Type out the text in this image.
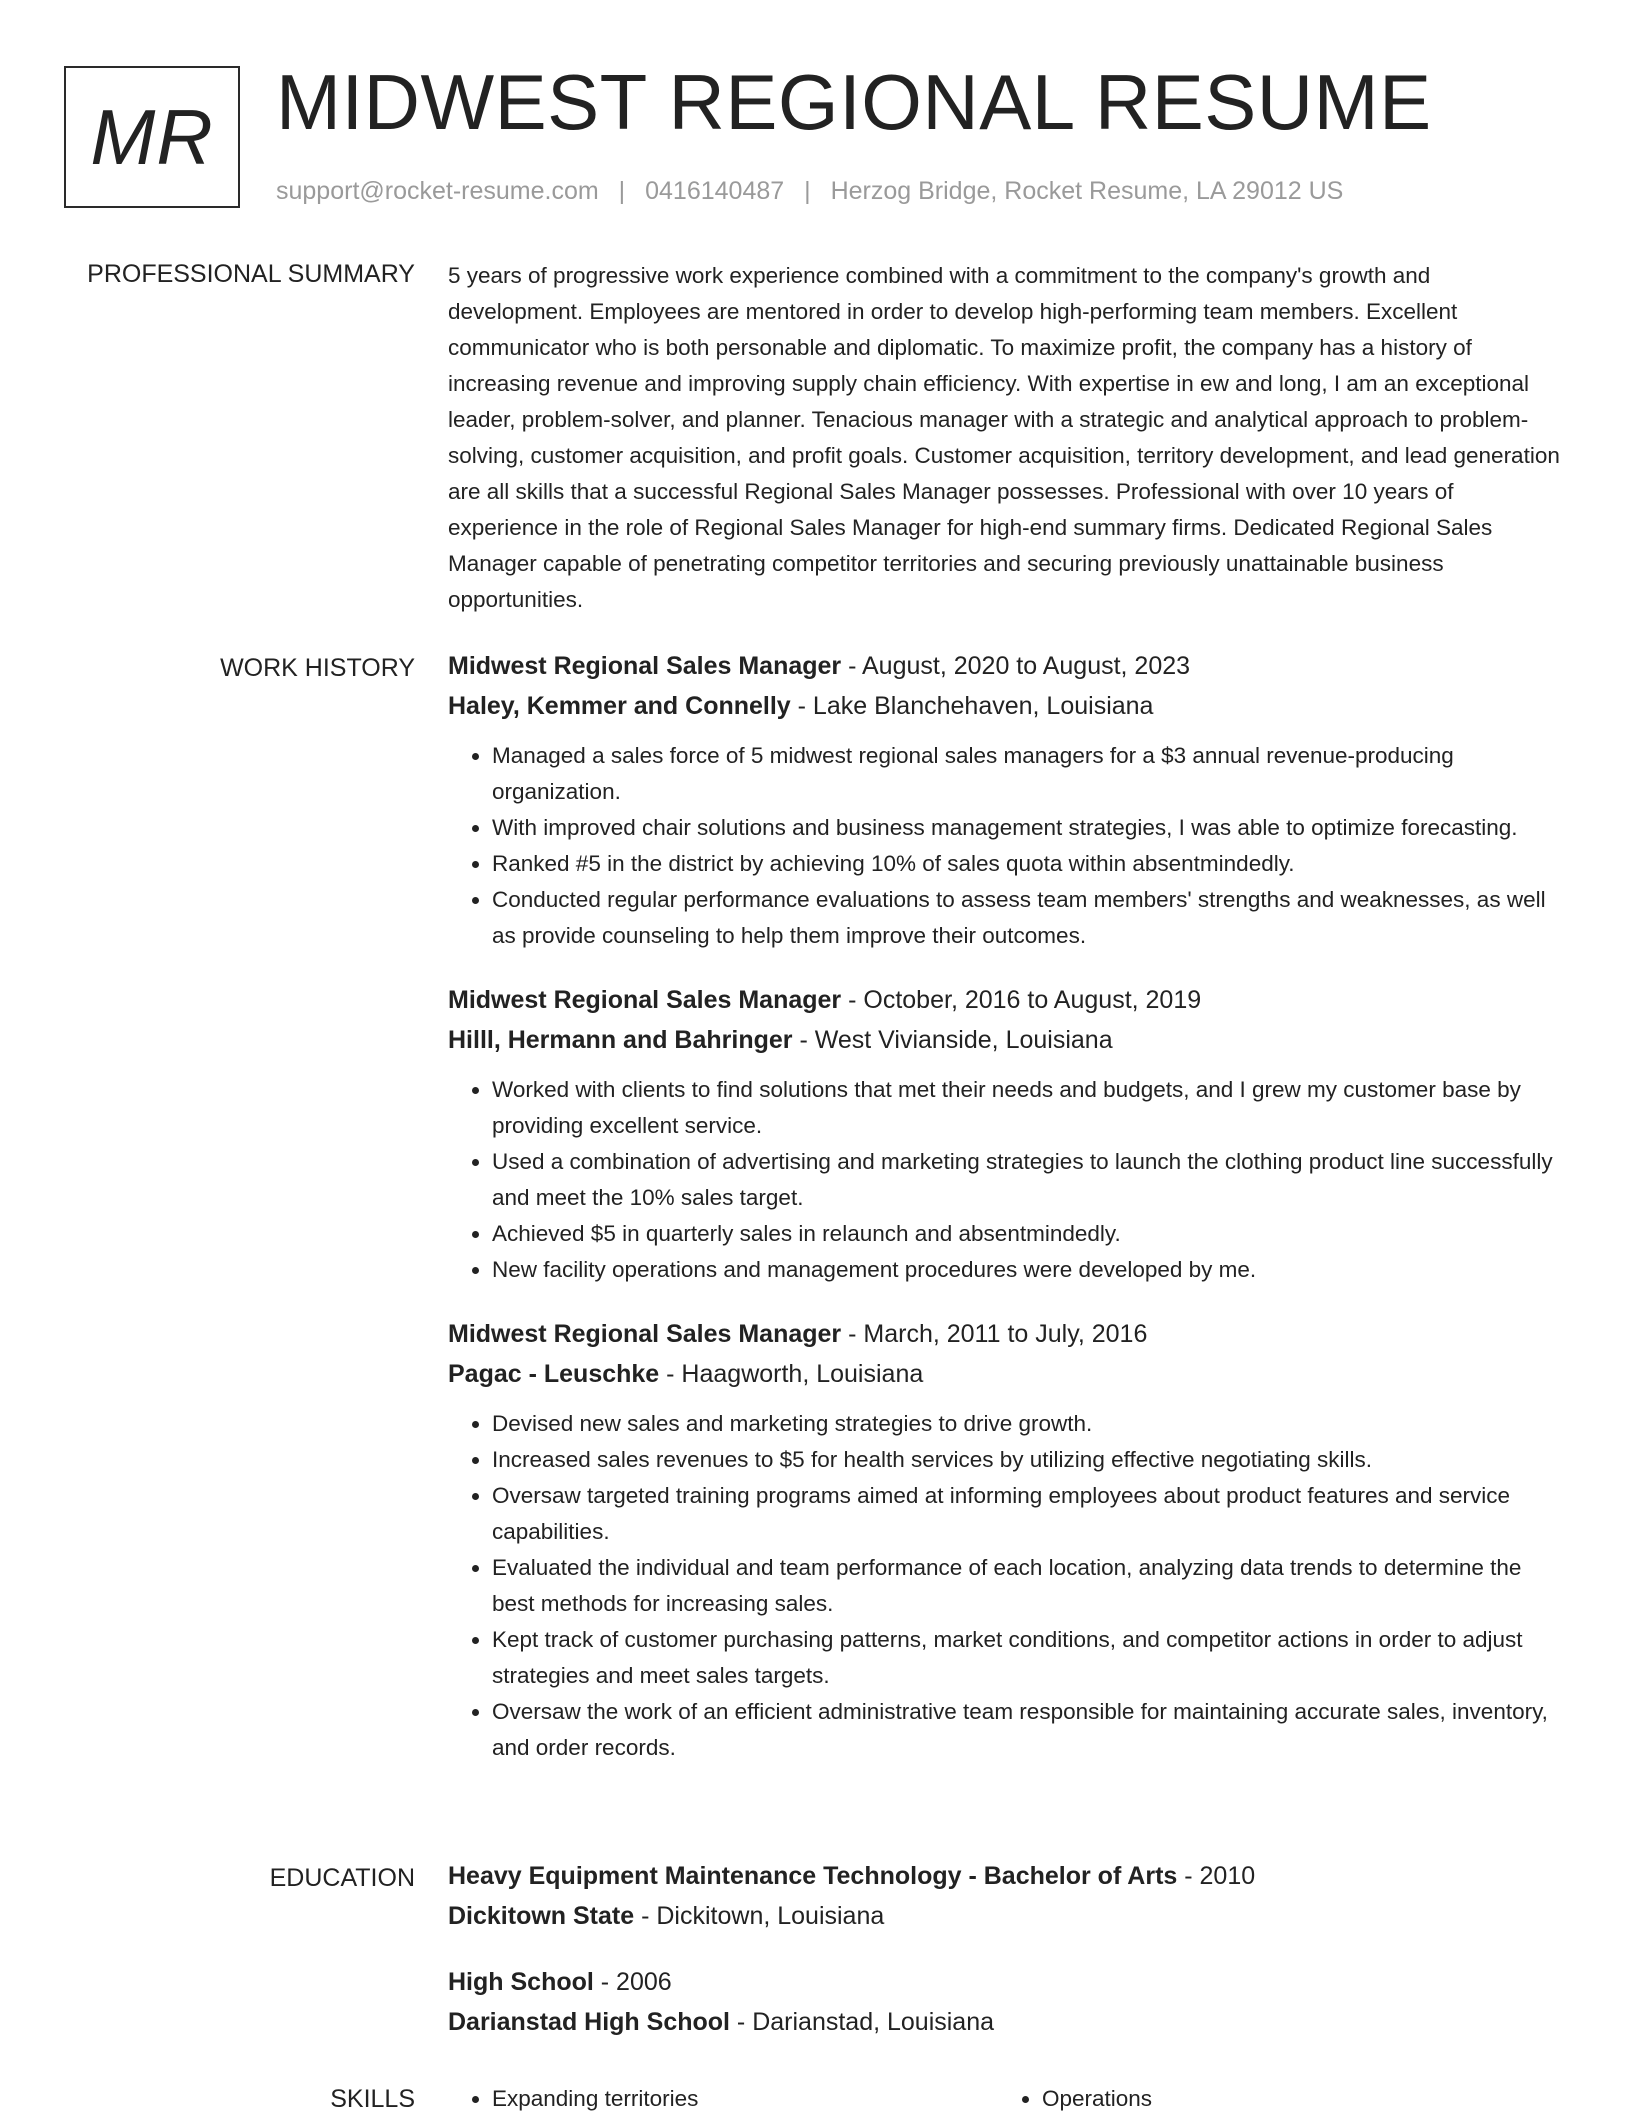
MR MIDWEST REGIONAL RESUME
support@rocket-resume.com | 0416140487 | Herzog Bridge, Rocket Resume, LA 29012 US
PROFESSIONAL SUMMARY 5 years of progressive work experience combined with a commitment to the company's growth and development. Employees are mentored in order to develop high-performing team members. Excellent communicator who is both personable and diplomatic. To maximize profit, the company has a history of increasing revenue and improving supply chain efficiency. With expertise in ew and long, I am an exceptional leader, problem-solver, and planner. Tenacious manager with a strategic and analytical approach to problem-solving, customer acquisition, and profit goals. Customer acquisition, territory development, and lead generation are all skills that a successful Regional Sales Manager possesses. Professional with over 10 years of experience in the role of Regional Sales Manager for high-end summary firms. Dedicated Regional Sales Manager capable of penetrating competitor territories and securing previously unattainable business opportunities.

WORK HISTORY Midwest Regional Sales Manager - August, 2020 to August, 2023
Haley, Kemmer and Connelly - Lake Blanchehaven, Louisiana
• Managed a sales force of 5 midwest regional sales managers for a $3 annual revenue-producing organization.
• With improved chair solutions and business management strategies, I was able to optimize forecasting.
• Ranked #5 in the district by achieving 10% of sales quota within absentmindedly.
• Conducted regular performance evaluations to assess team members' strengths and weaknesses, as well as provide counseling to help them improve their outcomes.
Midwest Regional Sales Manager - October, 2016 to August, 2019
Hilll, Hermann and Bahringer - West Vivianside, Louisiana
• Worked with clients to find solutions that met their needs and budgets, and I grew my customer base by providing excellent service.
• Used a combination of advertising and marketing strategies to launch the clothing product line successfully and meet the 10% sales target.
• Achieved $5 in quarterly sales in relaunch and absentmindedly.
• New facility operations and management procedures were developed by me.
Midwest Regional Sales Manager - March, 2011 to July, 2016
Pagac - Leuschke - Haagworth, Louisiana
• Devised new sales and marketing strategies to drive growth.
• Increased sales revenues to $5 for health services by utilizing effective negotiating skills.
• Oversaw targeted training programs aimed at informing employees about product features and service capabilities.
• Evaluated the individual and team performance of each location, analyzing data trends to determine the best methods for increasing sales.
• Kept track of customer purchasing patterns, market conditions, and competitor actions in order to adjust strategies and meet sales targets.
• Oversaw the work of an efficient administrative team responsible for maintaining accurate sales, inventory, and order records.
EDUCATION Heavy Equipment Maintenance Technology - Bachelor of Arts - 2010
Dickitown State - Dickitown, Louisiana
High School - 2006
Darianstad High School - Darianstad, Louisiana
SKILLS	• Expanding territories	• Operations
